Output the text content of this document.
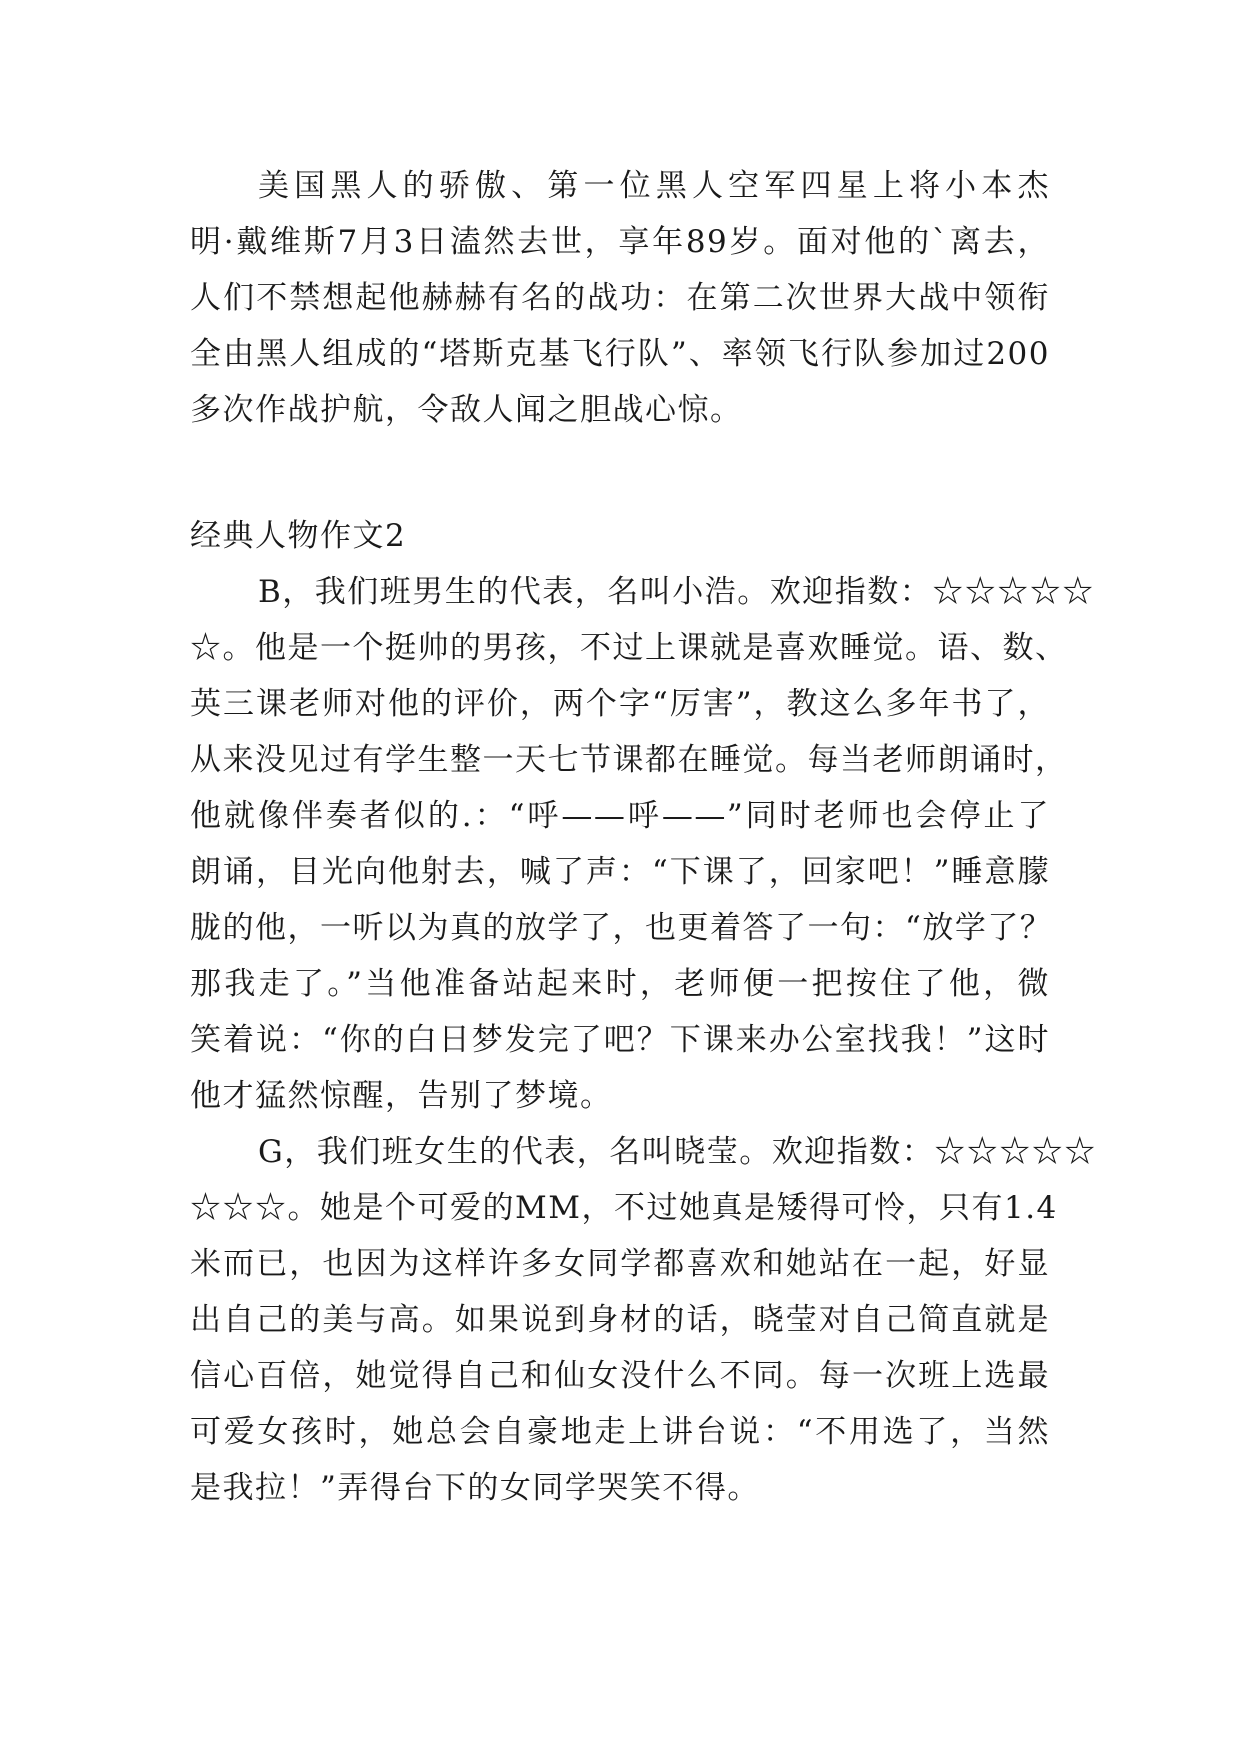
美国黑人的骄傲、第一位黑人空军四星上将小本杰
明·戴维斯7月3日溘然去世，享年89岁。面对他的`离去，
人们不禁想起他赫赫有名的战功：在第二次世界大战中领衔
全由黑人组成的“塔斯克基飞行队”、率领飞行队参加过200
多次作战护航，令敌人闻之胆战心惊。
经典人物作文2
B，我们班男生的代表，名叫小浩。欢迎指数：☆☆☆☆☆
☆。他是一个挺帅的男孩，不过上课就是喜欢睡觉。语、数、
英三课老师对他的评价，两个字“厉害”，教这么多年书了，
从来没见过有学生整一天七节课都在睡觉。每当老师朗诵时，
他就像伴奏者似的.：“呼——呼——”同时老师也会停止了
朗诵，目光向他射去，喊了声：“下课了，回家吧！”睡意朦
胧的他，一听以为真的放学了，也更着答了一句：“放学了？
那我走了。”当他准备站起来时，老师便一把按住了他，微
笑着说：“你的白日梦发完了吧？下课来办公室找我！”这时
他才猛然惊醒，告别了梦境。
G，我们班女生的代表，名叫晓莹。欢迎指数：☆☆☆☆☆
☆☆☆。她是个可爱的MM，不过她真是矮得可怜，只有1.4
米而已，也因为这样许多女同学都喜欢和她站在一起，好显
出自己的美与高。如果说到身材的话，晓莹对自己简直就是
信心百倍，她觉得自己和仙女没什么不同。每一次班上选最
可爱女孩时，她总会自豪地走上讲台说：“不用选了，当然
是我拉！”弄得台下的女同学哭笑不得。
